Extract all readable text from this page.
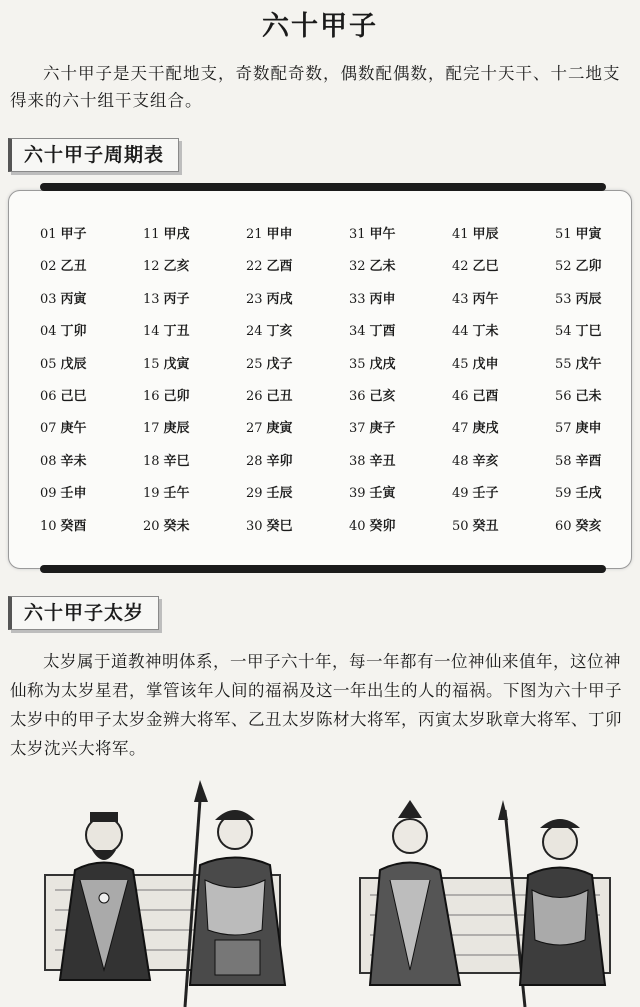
六十甲子
六十甲子是天干配地支，奇数配奇数，偶数配偶数，配完十天干、十二地支得来的六十组干支组合。
六十甲子周期表
01 甲子	11 甲戌	21 甲申	31 甲午	41 甲辰	51 甲寅
02 乙丑	12 乙亥	22 乙酉	32 乙未	42 乙巳	52 乙卯
03 丙寅	13 丙子	23 丙戌	33 丙申	43 丙午	53 丙辰
04 丁卯	14 丁丑	24 丁亥	34 丁酉	44 丁未	54 丁巳
05 戊辰	15 戊寅	25 戊子	35 戊戌	45 戊申	55 戊午
06 己巳	16 己卯	26 己丑	36 己亥	46 己酉	56 己未
07 庚午	17 庚辰	27 庚寅	37 庚子	47 庚戌	57 庚申
08 辛未	18 辛巳	28 辛卯	38 辛丑	48 辛亥	58 辛酉
09 壬申	19 壬午	29 壬辰	39 壬寅	49 壬子	59 壬戌
10 癸酉	20 癸未	30 癸巳	40 癸卯	50 癸丑	60 癸亥
六十甲子太岁

太岁属于道教神明体系，一甲子六十年，每一年都有一位神仙来值年，这位神仙称为太岁星君，掌管该年人间的福祸及这一年出生的人的福祸。下图为六十甲子太岁中的甲子太岁金辨大将军、乙丑太岁陈材大将军，丙寅太岁耿章大将军、丁卯太岁沈兴大将军。
